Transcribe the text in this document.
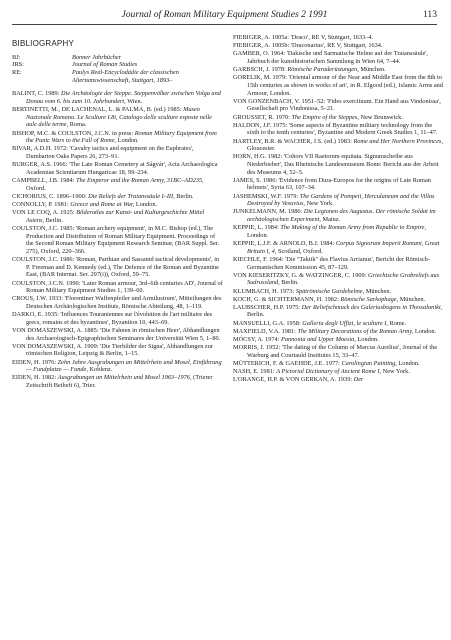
Journal of Roman Military Equipment Studies 2 1991	113
BIBLIOGRAPHY
BJ:	Bonner Jahrbücher
JRS:	Journal of Roman Studies
RE:	Paulys Real-Encyclodädie der classischen Altertumswissenschaft, Stuttgart, 1893–
BALINT, C. 1989: Die Archäologie der Steppe. Steppenvölker zwischen Volga and Donau vom 6. bis zum 10. Jahrhundert, Wien.
BERTINETTI, M., DE LACHENAL, L. & PALMA, B. (ed.) 1985: Museo Nazionale Romano. Le Sculture I.8i, Catalogo delle sculture esposte nelle aule delle terme, Roma.
BISHOP, M.C. & COULSTON, J.C.N. in press: Roman Military Equipment from the Punic Wars to the Fall of Rome, London.
BIVAR, A.D.H. 1972: 'Cavalry tactics and equipment on the Euphrates', Dumbarton Oaks Papers 26, 273–91.
BURGER, A.S. 1966: 'The Late Roman Cemetery at Ságvár', Acta Archaeologica Academiae Scientiarum Hungaricae 18, 99–234.
CAMPBELL, J.B. 1984: The Emperor and the Roman Army, 31BC–AD235, Oxford.
CICHORIUS, C. 1896–1900: Die Reliefs der Traianssäule I–III, Berlin.
CONNOLLY, P. 1981: Greece and Rome at War, London.
VON LE COQ, A. 1925: Bilderatlas zur Kunst- und Kulturgeschichte Mittel Asiens, Berlin.
COULSTON, J.C. 1985: 'Roman archery equipment', in M.C. Bishop (ed.), The Production and Distribution of Roman Military Equipment. Proceedings of the Second Roman Military Equipment Research Seminar, (BAR Suppl. Ser. 275), Oxford, 220–366.
COULSTON, J.C. 1986: 'Roman, Parthian and Sassanid tactical developments', in P. Freeman and D. Kennedy (ed.), The Defence of the Roman and Byzantine East, (BAR Internat. Ser. 297(i)), Oxford, 59–75.
COULSTON, J.C.N. 1990: 'Later Roman armour, 3rd–6th centuries AD', Journal of Roman Military Equipment Studies 1, 139–60.
CROUS, J.W. 1933: 'Florentiner Waffenpfeiler und Armilustrum', Mitteilungen des Deutschen Archäologischen Instituts, Römische Abteilung, 48, 1–119.
DARKO, E. 1935: 'Influences Touraniennes sur l'évolution de l'art militaire des grecs, romains et des byzantines', Byzantion 10, 443–69.
VON DOMASZEWSKI, A. 1885: 'Die Fahnen in römischen Heer', Abhandlungen des Archaeologisch-Epigraphischen Seminares der Universität Wien 5, 1–80.
VON DOMASZEWSKI, A. 1909: 'Die Tierbilder der Signa', Abhandlungen zur römischen Religion, Leipzig & Berlin, 1–15.
EIDEN, H. 1976: Zehn Jahre Ausgrabungen an Mittelrhein und Mosel, Einführung — Fundplatze — Funde, Koblenz.
EIDEN, H. 1982: Ausgrabungen an Mittelrhein und Mosel 1963–1976, (Trierer Zeitschrift Beiheft 6), Trier.
FIEBIGER, A. 1905a: 'Draco', RE V, Stuttgart, 1633–4.
FIEBIGER, A. 1905b: 'Draconarius', RE V, Stuttgart, 1634.
GAMBER, O. 1964: 'Dakische und Sarmatische Helme auf der Traianssäule', Jahrbuch der kunsthistorischen Sammlung in Wien 64, 7–44.
GARBSCH, J. 1978: Römische Paraderüstungen, München.
GORELIK, M. 1979: 'Oriental armour of the Near and Middle East from the 8th to 15th centuries as shown in works of art', in R. Elgood (ed.), Islamic Arms and Armour, London.
VON GONZENBACH, V. 1951–52: 'Fides exercituum. Ein Hand aus Vindonissa', Gesellschaft pro Vindonissa, 5–21.
GROUSSET, R. 1970: The Empire of the Steppes, New Brunswick.
HALDON, J.F. 1975: 'Some aspects of Byzantine military technology from the sixth to the tenth centuries', Byzantine and Modern Greek Studies 1, 11–47.
HARTLEY, B.R. & WACHER, J.S. (ed.) 1983: Rome and Her Northern Provinces, Gloucester.
HORN, H.G. 1982: 'Cohors VII Raetorum equitata. Signumscheibe aus Niederbieber', Das Rheinische Landesmuseum Bonn: Bericht aus der Arbeit des Museums 4, 52–5.
JAMES, S. 1986: 'Evidence from Dura-Europos for the origins of Late Roman helmets', Syria 63, 107–34.
JASHEMSKI, W.F. 1979: The Gardens of Pompeii, Herculaneum and the Villas Destroyed by Vesuvius, New York.
JUNKELMANN, M. 1986: Die Legionen des Augustus. Der römische Soldat im archäologischen Experiment, Mainz.
KEPPIE, L. 1984: The Making of the Roman Army from Republic to Empire, London.
KEPPIE, L.J.F. & ARNOLD, B.J. 1984: Corpus Signorum Imperii Romani, Great Britain I, 4, Scotland, Oxford.
KIECHLE, F. 1964: 'Die "Taktik" des Flavius Arrianus', Bericht der Römisch-Germanischen Kommission 45, 87–129.
VON KIESERITZKY, G. & WATZINGER, C. 1909: Griechische Grabreliefs aus Sudrussland, Berlin.
KLUMBACH, H. 1973: Spätrömische Gardehelme, München.
KOCH, G. & SICHTERMANN, H. 1982: Römische Sarkophage, München.
LAUBSCHER, H.P. 1975: Der Reliefschmuck des Galeriusbogens in Thessaloniki, Berlin.
MANSUELLI, G.A. 1958: Galleria degli Uffizi, le sculture I, Rome.
MAXFIELD, V.A. 1981: The Military Decorations of the Roman Army, London.
MÓCSY, A. 1974: Pannonia and Upper Moesia, London.
MORRIS, J. 1952: 'The dating of the Column of Marcus Aurelius', Journal of the Warburg and Courtauld Institutes 15, 33–47.
MÜTTERICH, F. & GAEHDE, J.E. 1977: Carolingian Painting, London.
NASH, E. 1981: A Pictorial Dictionary of Ancient Rome I, New York.
L'ORANGE, H.P. & VON GERKAN, A. 1939: Der
